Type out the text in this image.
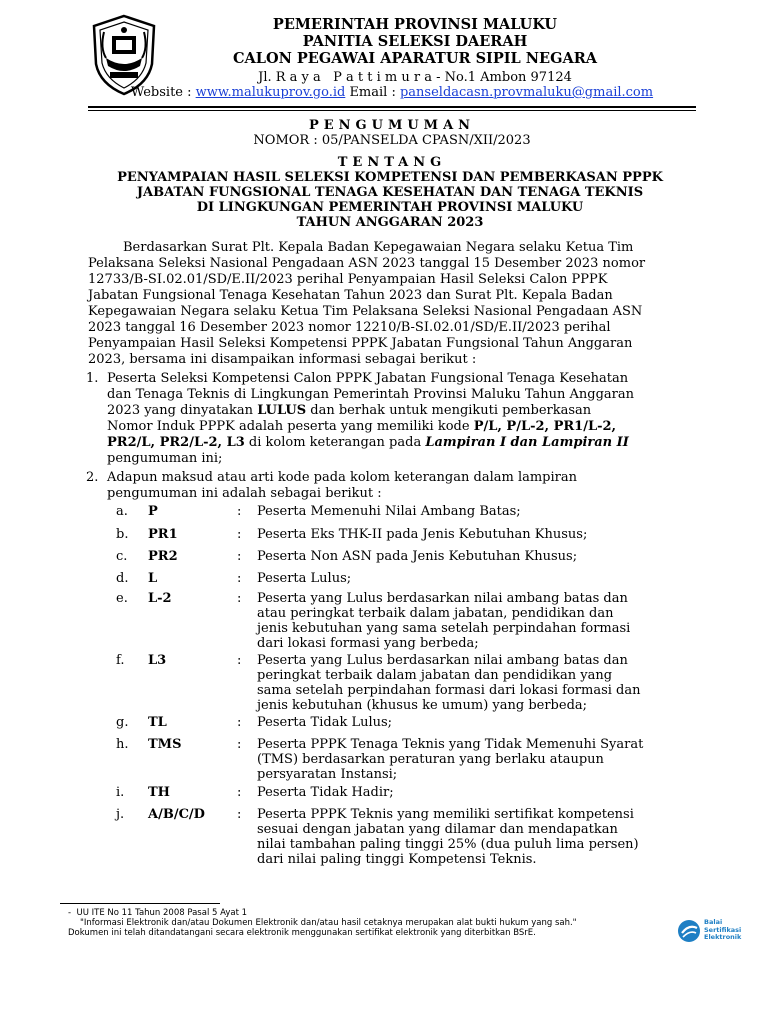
PEMERINTAH PROVINSI MALUKU
PANITIA SELEKSI DAERAH
CALON PEGAWAI APARATUR SIPIL NEGARA
Jl. R a y a   P a t t i m u r a - No.1 Ambon 97124
Website : www.malukuprov.go.id Email : panseldacasn.provmaluku@gmail.com
PENGUMUMAN
NOMOR : 05/PANSELDA CPASN/XII/2023
TENTANG
PENYAMPAIAN HASIL SELEKSI KOMPETENSI DAN PEMBERKASAN PPPK
JABATAN FUNGSIONAL TENAGA KESEHATAN DAN TENAGA TEKNIS
DI LINGKUNGAN PEMERINTAH PROVINSI MALUKU
TAHUN ANGGARAN 2023
Berdasarkan Surat Plt. Kepala Badan Kepegawaian Negara selaku Ketua Tim
Pelaksana Seleksi Nasional Pengadaan ASN 2023 tanggal 15 Desember 2023 nomor
12733/B-SI.02.01/SD/E.II/2023 perihal Penyampaian Hasil Seleksi Calon PPPK
Jabatan Fungsional Tenaga Kesehatan Tahun 2023 dan Surat Plt. Kepala Badan
Kepegawaian Negara selaku Ketua Tim Pelaksana Seleksi Nasional Pengadaan ASN
2023 tanggal 16 Desember 2023 nomor 12210/B-SI.02.01/SD/E.II/2023 perihal
Penyampaian Hasil Seleksi Kompetensi PPPK Jabatan Fungsional Tahun Anggaran
2023, bersama ini disampaikan informasi sebagai berikut :
1. Peserta Seleksi Kompetensi Calon PPPK Jabatan Fungsional Tenaga Kesehatan
dan Tenaga Teknis di Lingkungan Pemerintah Provinsi Maluku Tahun Anggaran
2023 yang dinyatakan LULUS dan berhak untuk mengikuti pemberkasan
Nomor Induk PPPK adalah peserta yang memiliki kode P/L, P/L-2, PR1/L-2,
PR2/L, PR2/L-2, L3 di kolom keterangan pada Lampiran I dan Lampiran II
pengumuman ini;
2. Adapun maksud atau arti kode pada kolom keterangan dalam lampiran
pengumuman ini adalah sebagai berikut :
a. P	: Peserta Memenuhi Nilai Ambang Batas;
b. PR1	: Peserta Eks THK-II pada Jenis Kebutuhan Khusus;
c. PR2	: Peserta Non ASN pada Jenis Kebutuhan Khusus;
d. L	: Peserta Lulus;
e. L-2	: Peserta yang Lulus berdasarkan nilai ambang batas dan
atau peringkat terbaik dalam jabatan, pendidikan dan
jenis kebutuhan yang sama setelah perpindahan formasi
dari lokasi formasi yang berbeda;
f. L3	: Peserta yang Lulus berdasarkan nilai ambang batas dan
peringkat terbaik dalam jabatan dan pendidikan yang
sama setelah perpindahan formasi dari lokasi formasi dan
jenis kebutuhan (khusus ke umum) yang berbeda;
g. TL	: Peserta Tidak Lulus;
h. TMS	: Peserta PPPK Tenaga Teknis yang Tidak Memenuhi Syarat
(TMS) berdasarkan peraturan yang berlaku ataupun
persyaratan Instansi;
i. TH	: Peserta Tidak Hadir;
j. A/B/C/D : Peserta PPPK Teknis yang memiliki sertifikat kompetensi
sesuai dengan jabatan yang dilamar dan mendapatkan
nilai tambahan paling tinggi 25% (dua puluh lima persen)
dari nilai paling tinggi Kompetensi Teknis.
-  UU ITE No 11 Tahun 2008 Pasal 5 Ayat 1
"Informasi Elektronik dan/atau Dokumen Elektronik dan/atau hasil cetaknya merupakan alat bukti hukum yang sah."
Dokumen ini telah ditandatangani secara elektronik menggunakan sertifikat elektronik yang diterbitkan BSrE.
Balai Sertifikasi Elektronik
